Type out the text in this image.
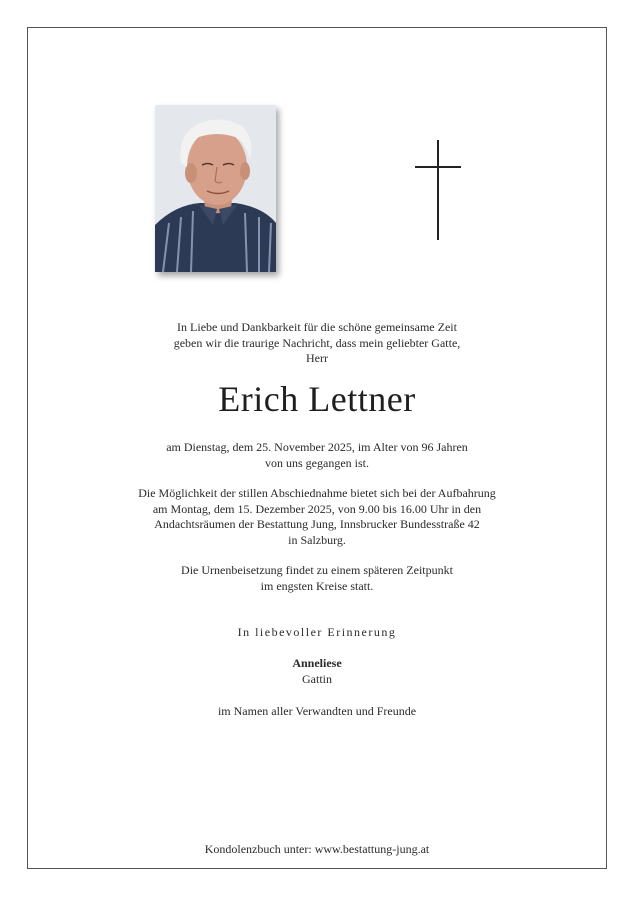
In Liebe und Dankbarkeit für die schöne gemeinsame Zeit
geben wir die traurige Nachricht, dass mein geliebter Gatte,
Herr
Erich Lettner
am Dienstag, dem 25. November 2025, im Alter von 96 Jahren
von uns gegangen ist.
Die Möglichkeit der stillen Abschiednahme bietet sich bei der Aufbahrung
am Montag, dem 15. Dezember 2025, von 9.00 bis 16.00 Uhr in den
Andachtsräumen der Bestattung Jung, Innsbrucker Bundesstraße 42
in Salzburg.
Die Urnenbeisetzung findet zu einem späteren Zeitpunkt
im engsten Kreise statt.
In liebevoller Erinnerung
Anneliese
Gattin
im Namen aller Verwandten und Freunde
Kondolenzbuch unter: www.bestattung-jung.at
